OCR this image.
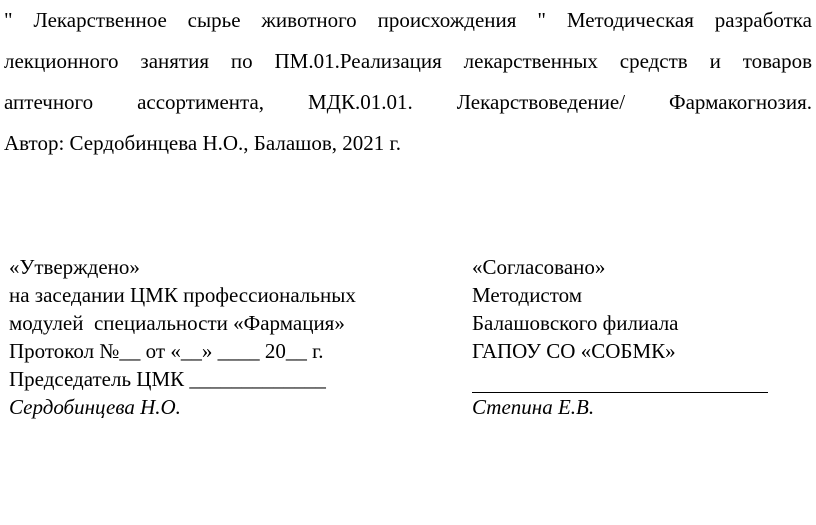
" Лекарственное сырье животного происхождения " Методическая разработка
лекционного занятия по ПМ.01.Реализация лекарственных средств и товаров
аптечного ассортимента, МДК.01.01. Лекарствоведение/ Фармакогнозия.
Автор: Сердобинцева Н.О., Балашов, 2021 г.
«Утверждено»
на заседании ЦМК профессиональных
модулей  специальности «Фармация»
Протокол №__ от «__» ____ 20__ г.
Председатель ЦМК _____________
Сердобинцева Н.О.
«Согласовано»
Методистом
Балашовского филиала
ГАПОУ СО «СОБМК»
Степина Е.В.
